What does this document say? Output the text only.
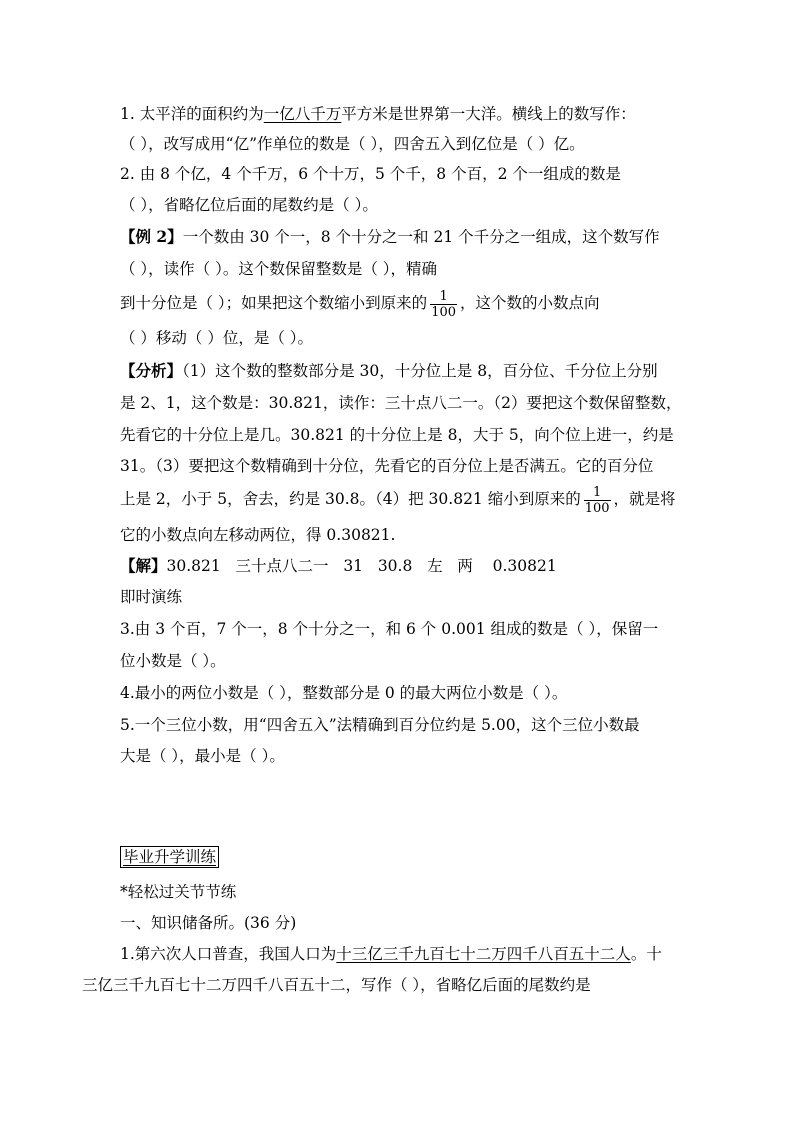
1. 太平洋的面积约为一亿八千万平方米是世界第一大洋。横线上的数写作：
（ ），改写成用“亿”作单位的数是（ ），四舍五入到亿位是（ ）亿。
2. 由 8 个亿，4 个千万，6 个十万，5 个千，8 个百，2 个一组成的数是
（ ），省略亿位后面的尾数约是（ ）。
【例 2】一个数由 30 个一，8 个十分之一和 21 个千分之一组成，这个数写作
（ ），读作（ ）。这个数保留整数是（ ），精确
到十分位是（ ）；如果把这个数缩小到原来的 $\frac{1}{100}$ ，这个数的小数点向
（ ）移动（ ）位，是（ ）。
【分析】（1）这个数的整数部分是 30，十分位上是 8，百分位、千分位上分别
是 2、1，这个数是：30.821，读作：三十点八二一。（2）要把这个数保留整数，
先看它的十分位上是几。30.821 的十分位上是 8，大于 5，向个位上进一，约是
31。（3）要把这个数精确到十分位，先看它的百分位上是否满五。它的百分位
上是 2，小于 5，舍去，约是 30.8。（4）把 30.821 缩小到原来的 $\frac{1}{100}$ ，就是将
它的小数点向左移动两位，得 0.30821.
【解】30.821   三十点八二一   31   30.8   左   两    0.30821
即时演练
3.由 3 个百，7 个一，8 个十分之一，和 6 个 0.001 组成的数是（ ），保留一
位小数是（ ）。
4.最小的两位小数是（ ），整数部分是 0 的最大两位小数是（ ）。
5.一个三位小数，用“四舍五入”法精确到百分位约是 5.00，这个三位小数最
大是（ ），最小是（ ）。
毕业升学训练
*轻松过关节节练
一、知识储备所。(36 分)
1.第六次人口普查，我国人口为十三亿三千九百七十二万四千八百五十二人。十
三亿三千九百七十二万四千八百五十二，写作（ ），省略亿后面的尾数约是
